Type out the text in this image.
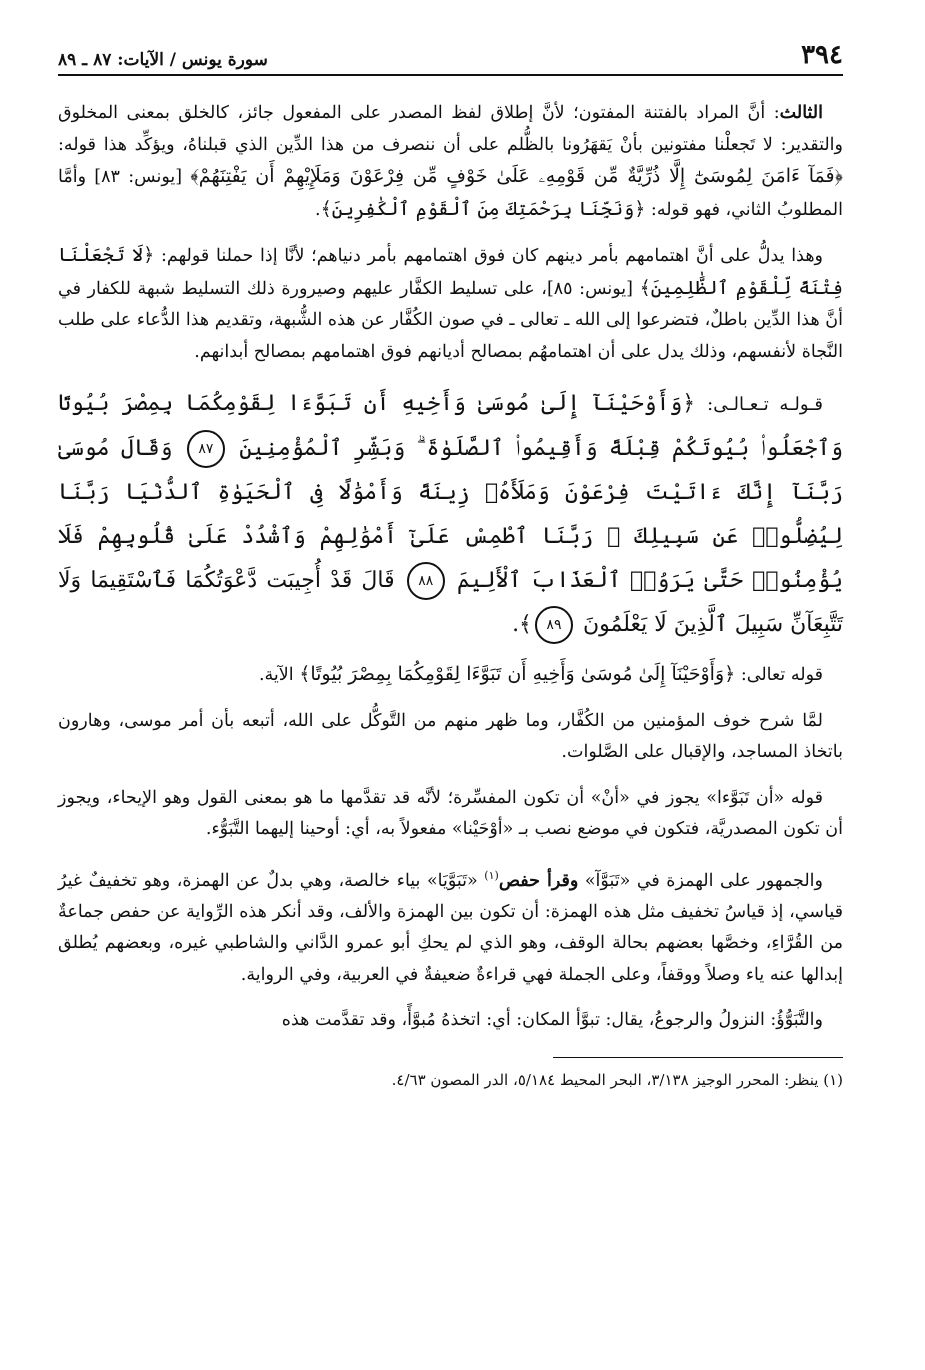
٣٩٤
سورة يونس / الآيات: ٨٧ ـ ٨٩

الثالث: أنَّ المراد بالفتنة المفتون؛ لأنَّ إطلاق لفظ المصدر على المفعول جائز، كالخلق بمعنى المخلوق والتقدير: لا تَجعلْنا مفتونين بأنْ يَقهَرُونا بالظُّلم على أن ننصرف من هذا الدِّين الذي قبلناهُ، ويؤكِّد هذا قوله: ﴿فَمَآ ءَامَنَ لِمُوسَىٰٓ إِلَّا ذُرِّيَّةٌ مِّن قَوْمِهِۦ عَلَىٰ خَوْفٍ مِّن فِرْعَوْنَ وَمَلَإِيْهِمْ أَن يَفْتِنَهُمْ﴾ [يونس: ٨٣] وأمَّا المطلوبُ الثاني، فهو قوله: ﴿وَنَجِّنَا بِرَحْمَتِكَ مِنَ ٱلْقَوْمِ ٱلْكَٰفِرِينَ﴾.

وهذا يدلُّ على أنَّ اهتمامهم بأمر دينهم كان فوق اهتمامهم بأمر دنياهم؛ لأنَّا إذا حملنا قولهم: ﴿لَا تَجْعَلْنَا فِتْنَةً لِّلْقَوْمِ ٱلظَّٰلِمِينَ﴾ [يونس: ٨٥]، على تسليط الكفَّار عليهم وصيرورة ذلك التسليط شبهة للكفار في أنَّ هذا الدِّين باطلٌ، فتضرعوا إلى الله ـ تعالى ـ في صون الكُفَّار عن هذه الشُّبهة، وتقديم هذا الدُّعاء على طلب النَّجاة لأنفسهم، وذلك يدل على أن اهتمامهُم بمصالح أديانهم فوق اهتمامهم بمصالح أبدانهم.

قـولـه تـعـالـى: ﴿وَأَوْحَيْنَآ إِلَىٰ مُوسَىٰ وَأَخِيهِ أَن تَبَوَّءَا لِقَوْمِكُمَا بِمِصْرَ بُيُوتًا وَٱجْعَلُوا۟ بُيُوتَكُمْ قِبْلَةً وَأَقِيمُوا۟ ٱلصَّلَوٰةَ ۗ وَبَشِّرِ ٱلْمُؤْمِنِينَ ٨٧ وَقَالَ مُوسَىٰ رَبَّنَآ إِنَّكَ ءَاتَيْتَ فِرْعَوْنَ وَمَلَأَهُۥ زِينَةً وَأَمْوَٰلًا فِى ٱلْحَيَوٰةِ ٱلدُّنْيَا رَبَّنَا لِيُضِلُّوا۟ عَن سَبِيلِكَ ۖ رَبَّنَا ٱطْمِسْ عَلَىٰٓ أَمْوَٰلِهِمْ وَٱشْدُدْ عَلَىٰ قُلُوبِهِمْ فَلَا يُؤْمِنُوا۟ حَتَّىٰ يَرَوُا۟ ٱلْعَذَابَ ٱلْأَلِيمَ ٨٨ قَالَ قَدْ أُجِيبَت دَّعْوَتُكُمَا فَٱسْتَقِيمَا وَلَا تَتَّبِعَآنِّ سَبِيلَ ٱلَّذِينَ لَا يَعْلَمُونَ ٨٩﴾.

قوله تعالى: ﴿وَأَوْحَيْنَآ إِلَىٰ مُوسَىٰ وَأَخِيهِ أَن تَبَوَّءَا لِقَوْمِكُمَا بِمِصْرَ بُيُوتًا﴾ الآية.

لمَّا شرح خوف المؤمنين من الكُفَّار، وما ظهر منهم من التَّوكُّل على الله، أتبعه بأن أمر موسى، وهارون باتخاذ المساجد، والإقبال على الصَّلوات.

قوله «أن تَبَوَّءا» يجوز في «أنْ» أن تكون المفسِّرة؛ لأنَّه قد تقدَّمها ما هو بمعنى القول وهو الإيحاء، ويجوز أن تكون المصدريَّة، فتكون في موضع نصب بـ «أوْحَيْنا» مفعولاً به، أي: أوحينا إليهما التَّبَوُّء.

والجمهور على الهمزة في «تَبَوَّآ» وقرأ حفص$^{(١)}$ «تَبَوَّيَا» بياء خالصة، وهي بدلٌ عن الهمزة، وهو تخفيفٌ غيرُ قياسي، إذ قياسُ تخفيف مثل هذه الهمزة: أن تكون بين الهمزة والألف، وقد أنكر هذه الرِّواية عن حفص جماعةٌ من القُرَّاءِ، وخصَّها بعضهم بحالة الوقف، وهو الذي لم يحكِ أبو عمرو الدَّاني والشاطبي غيره، وبعضهم يُطلق إبدالها عنه ياء وصلاً ووقفاً، وعلى الجملة فهي قراءةٌ ضعيفةٌ في العربية، وفي الرواية.

والتَّبَوُّؤُ: النزولُ والرجوعُ، يقال: تبوَّأ المكان: أي: اتخذهُ مُبوَّأً، وقد تقدَّمت هذه

(١) ينظر: المحرر الوجيز ٣/١٣٨، البحر المحيط ٥/١٨٤، الدر المصون ٤/٦٣.
